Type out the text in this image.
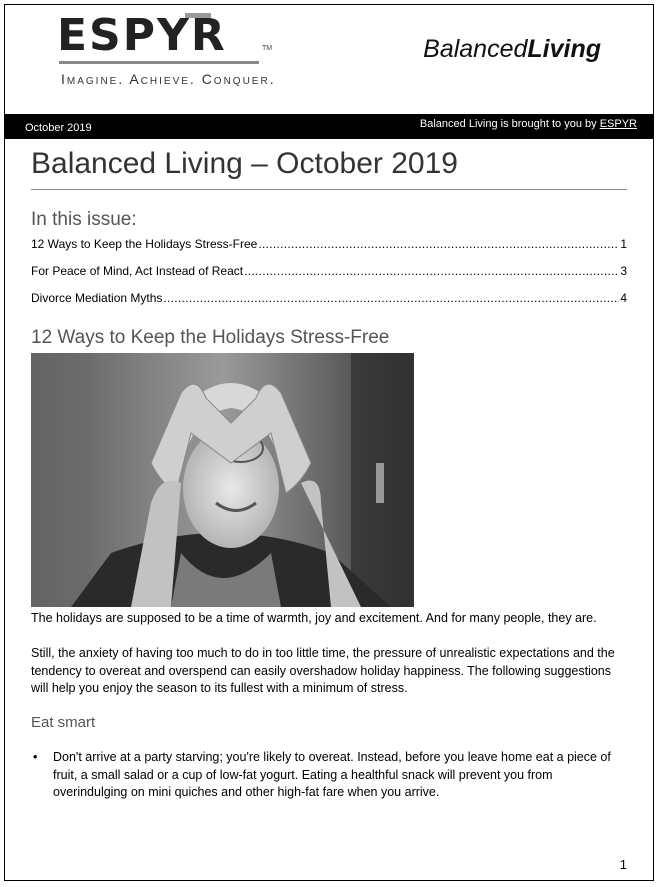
ESPYR	TM
Imagine. Achieve. Conquer.
BalancedLiving
October 2019	Balanced Living is brought to you by ESPYR
Balanced Living – October 2019
In this issue:
12 Ways to Keep the Holidays Stress-Free .....	1
For Peace of Mind, Act Instead of React .....	3
Divorce Mediation Myths .....	4
12 Ways to Keep the Holidays Stress-Free
The holidays are supposed to be a time of warmth, joy and excitement. And for many people, they are.
Still, the anxiety of having too much to do in too little time, the pressure of unrealistic expectations and the tendency to overeat and overspend can easily overshadow holiday happiness. The following suggestions will help you enjoy the season to its fullest with a minimum of stress.
Eat smart
• Don't arrive at a party starving; you're likely to overeat. Instead, before you leave home eat a piece of fruit, a small salad or a cup of low-fat yogurt. Eating a healthful snack will prevent you from overindulging on mini quiches and other high-fat fare when you arrive.
1
